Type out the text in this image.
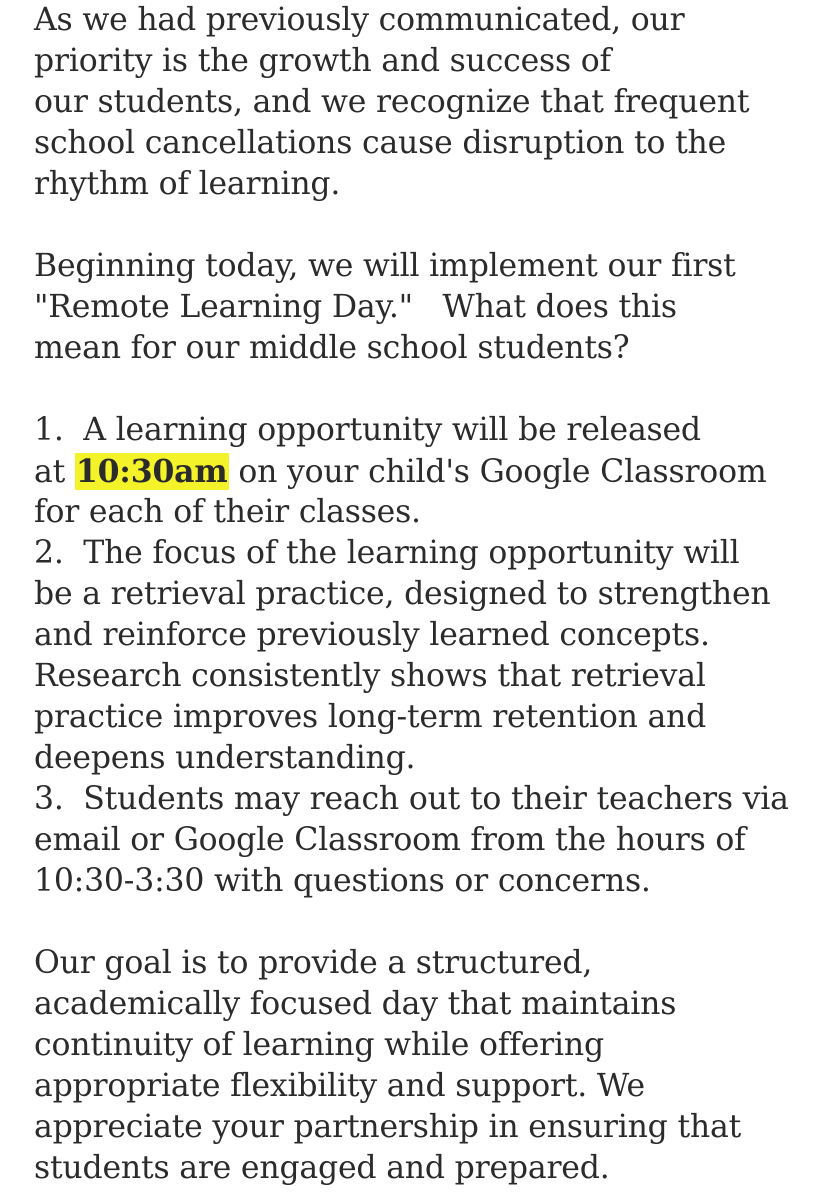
As we had previously communicated, our
priority is the growth and success of
our students, and we recognize that frequent
school cancellations cause disruption to the
rhythm of learning.
Beginning today, we will implement our first
"Remote Learning Day."   What does this
mean for our middle school students?
1.  A learning opportunity will be released
at 10:30am on your child's Google Classroom
for each of their classes.
2.  The focus of the learning opportunity will
be a retrieval practice, designed to strengthen
and reinforce previously learned concepts.
Research consistently shows that retrieval
practice improves long-term retention and
deepens understanding.
3.  Students may reach out to their teachers via
email or Google Classroom from the hours of
10:30-3:30 with questions or concerns.
Our goal is to provide a structured,
academically focused day that maintains
continuity of learning while offering
appropriate flexibility and support. We
appreciate your partnership in ensuring that
students are engaged and prepared.
